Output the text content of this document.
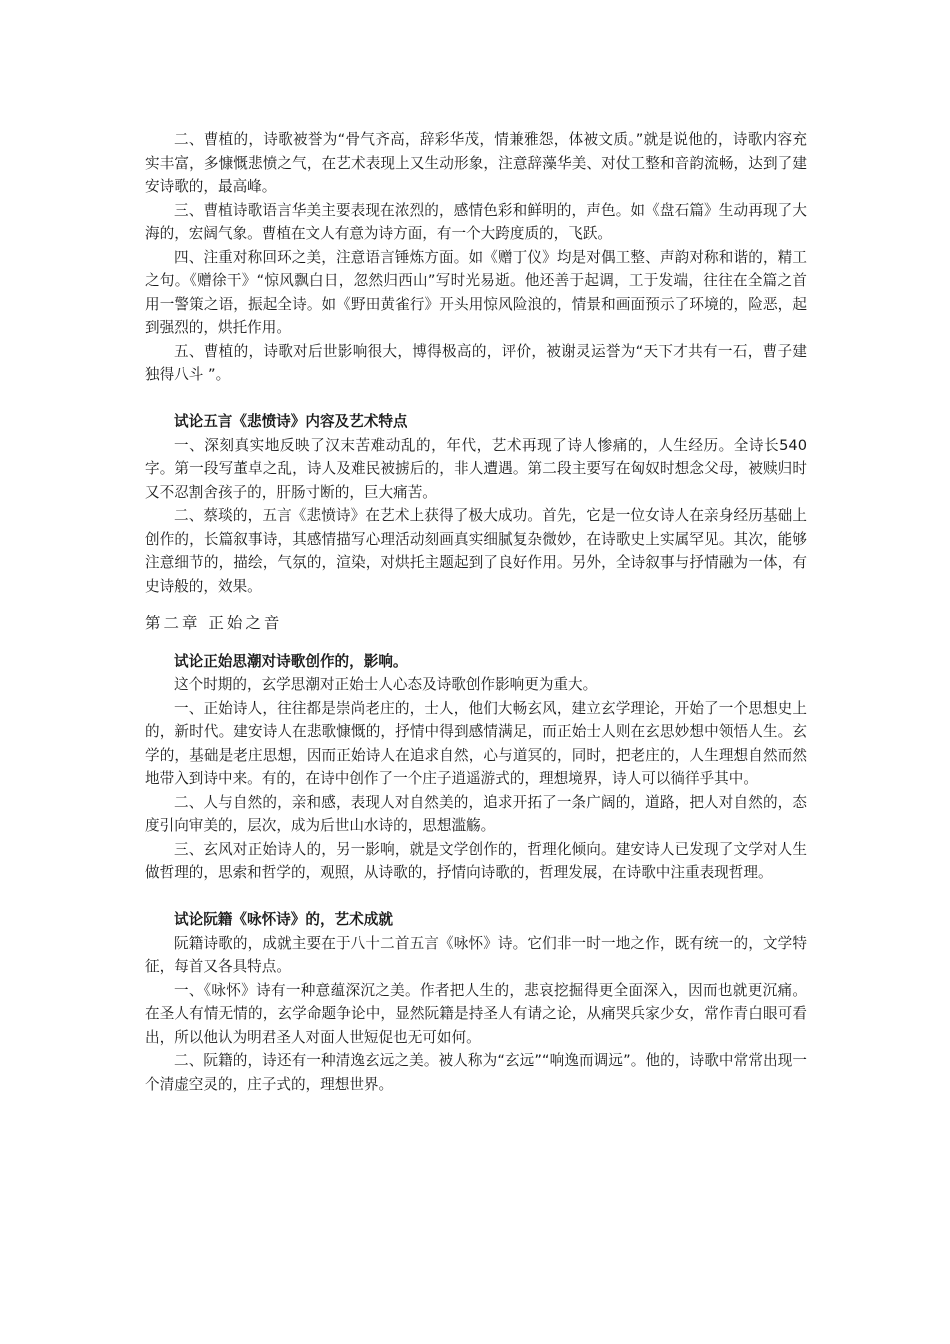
二、曹植的，诗歌被誉为“骨气齐高，辞彩华茂，情兼雅怨，体被文质。”就是说他的，诗歌内容充实丰富，多慷慨悲愤之气，在艺术表现上又生动形象，注意辞藻华美、对仗工整和音韵流畅，达到了建安诗歌的，最高峰。

三、曹植诗歌语言华美主要表现在浓烈的，感情色彩和鲜明的，声色。如《盘石篇》生动再现了大海的，宏阔气象。曹植在文人有意为诗方面，有一个大跨度质的，飞跃。

四、注重对称回环之美，注意语言锤炼方面。如《赠丁仪》均是对偶工整、声韵对称和谐的，精工之句。《赠徐干》“惊风飘白日，忽然归西山”写时光易逝。他还善于起调，工于发端，往往在全篇之首用一警策之语，振起全诗。如《野田黄雀行》开头用惊风险浪的，情景和画面预示了环境的，险恶，起到强烈的，烘托作用。

五、曹植的，诗歌对后世影响很大，博得极高的，评价，被谢灵运誉为“天下才共有一石，曹子建独得八斗 ”。

试论五言《悲愤诗》内容及艺术特点

一、深刻真实地反映了汉末苦难动乱的，年代，艺术再现了诗人惨痛的，人生经历。全诗长540字。第一段写董卓之乱，诗人及难民被掳后的，非人遭遇。第二段主要写在匈奴时想念父母，被赎归时又不忍割舍孩子的，肝肠寸断的，巨大痛苦。

二、蔡琰的，五言《悲愤诗》在艺术上获得了极大成功。首先，它是一位女诗人在亲身经历基础上创作的，长篇叙事诗，其感情描写心理活动刻画真实细腻复杂微妙，在诗歌史上实属罕见。其次，能够注意细节的，描绘，气氛的，渲染，对烘托主题起到了良好作用。另外，全诗叙事与抒情融为一体，有史诗般的，效果。

第二章 正始之音

试论正始思潮对诗歌创作的，影响。

这个时期的，玄学思潮对正始士人心态及诗歌创作影响更为重大。

一、正始诗人，往往都是崇尚老庄的，士人，他们大畅玄风，建立玄学理论，开始了一个思想史上的，新时代。建安诗人在悲歌慷慨的，抒情中得到感情满足，而正始士人则在玄思妙想中领悟人生。玄学的，基础是老庄思想，因而正始诗人在追求自然，心与道冥的，同时，把老庄的，人生理想自然而然地带入到诗中来。有的，在诗中创作了一个庄子逍遥游式的，理想境界，诗人可以徜徉乎其中。

二、人与自然的，亲和感，表现人对自然美的，追求开拓了一条广阔的，道路，把人对自然的，态度引向审美的，层次，成为后世山水诗的，思想滥觞。

三、玄风对正始诗人的，另一影响，就是文学创作的，哲理化倾向。建安诗人已发现了文学对人生做哲理的，思索和哲学的，观照，从诗歌的，抒情向诗歌的，哲理发展，在诗歌中注重表现哲理。

试论阮籍《咏怀诗》的，艺术成就

阮籍诗歌的，成就主要在于八十二首五言《咏怀》诗。它们非一时一地之作，既有统一的，文学特征，每首又各具特点。

一、《咏怀》诗有一种意蕴深沉之美。作者把人生的，悲哀挖掘得更全面深入，因而也就更沉痛。在圣人有情无情的，玄学命题争论中，显然阮籍是持圣人有请之论，从痛哭兵家少女，常作青白眼可看出，所以他认为明君圣人对面人世短促也无可如何。

二、阮籍的，诗还有一种清逸玄远之美。被人称为“玄远”“响逸而调远”。他的，诗歌中常常出现一个清虚空灵的，庄子式的，理想世界。
